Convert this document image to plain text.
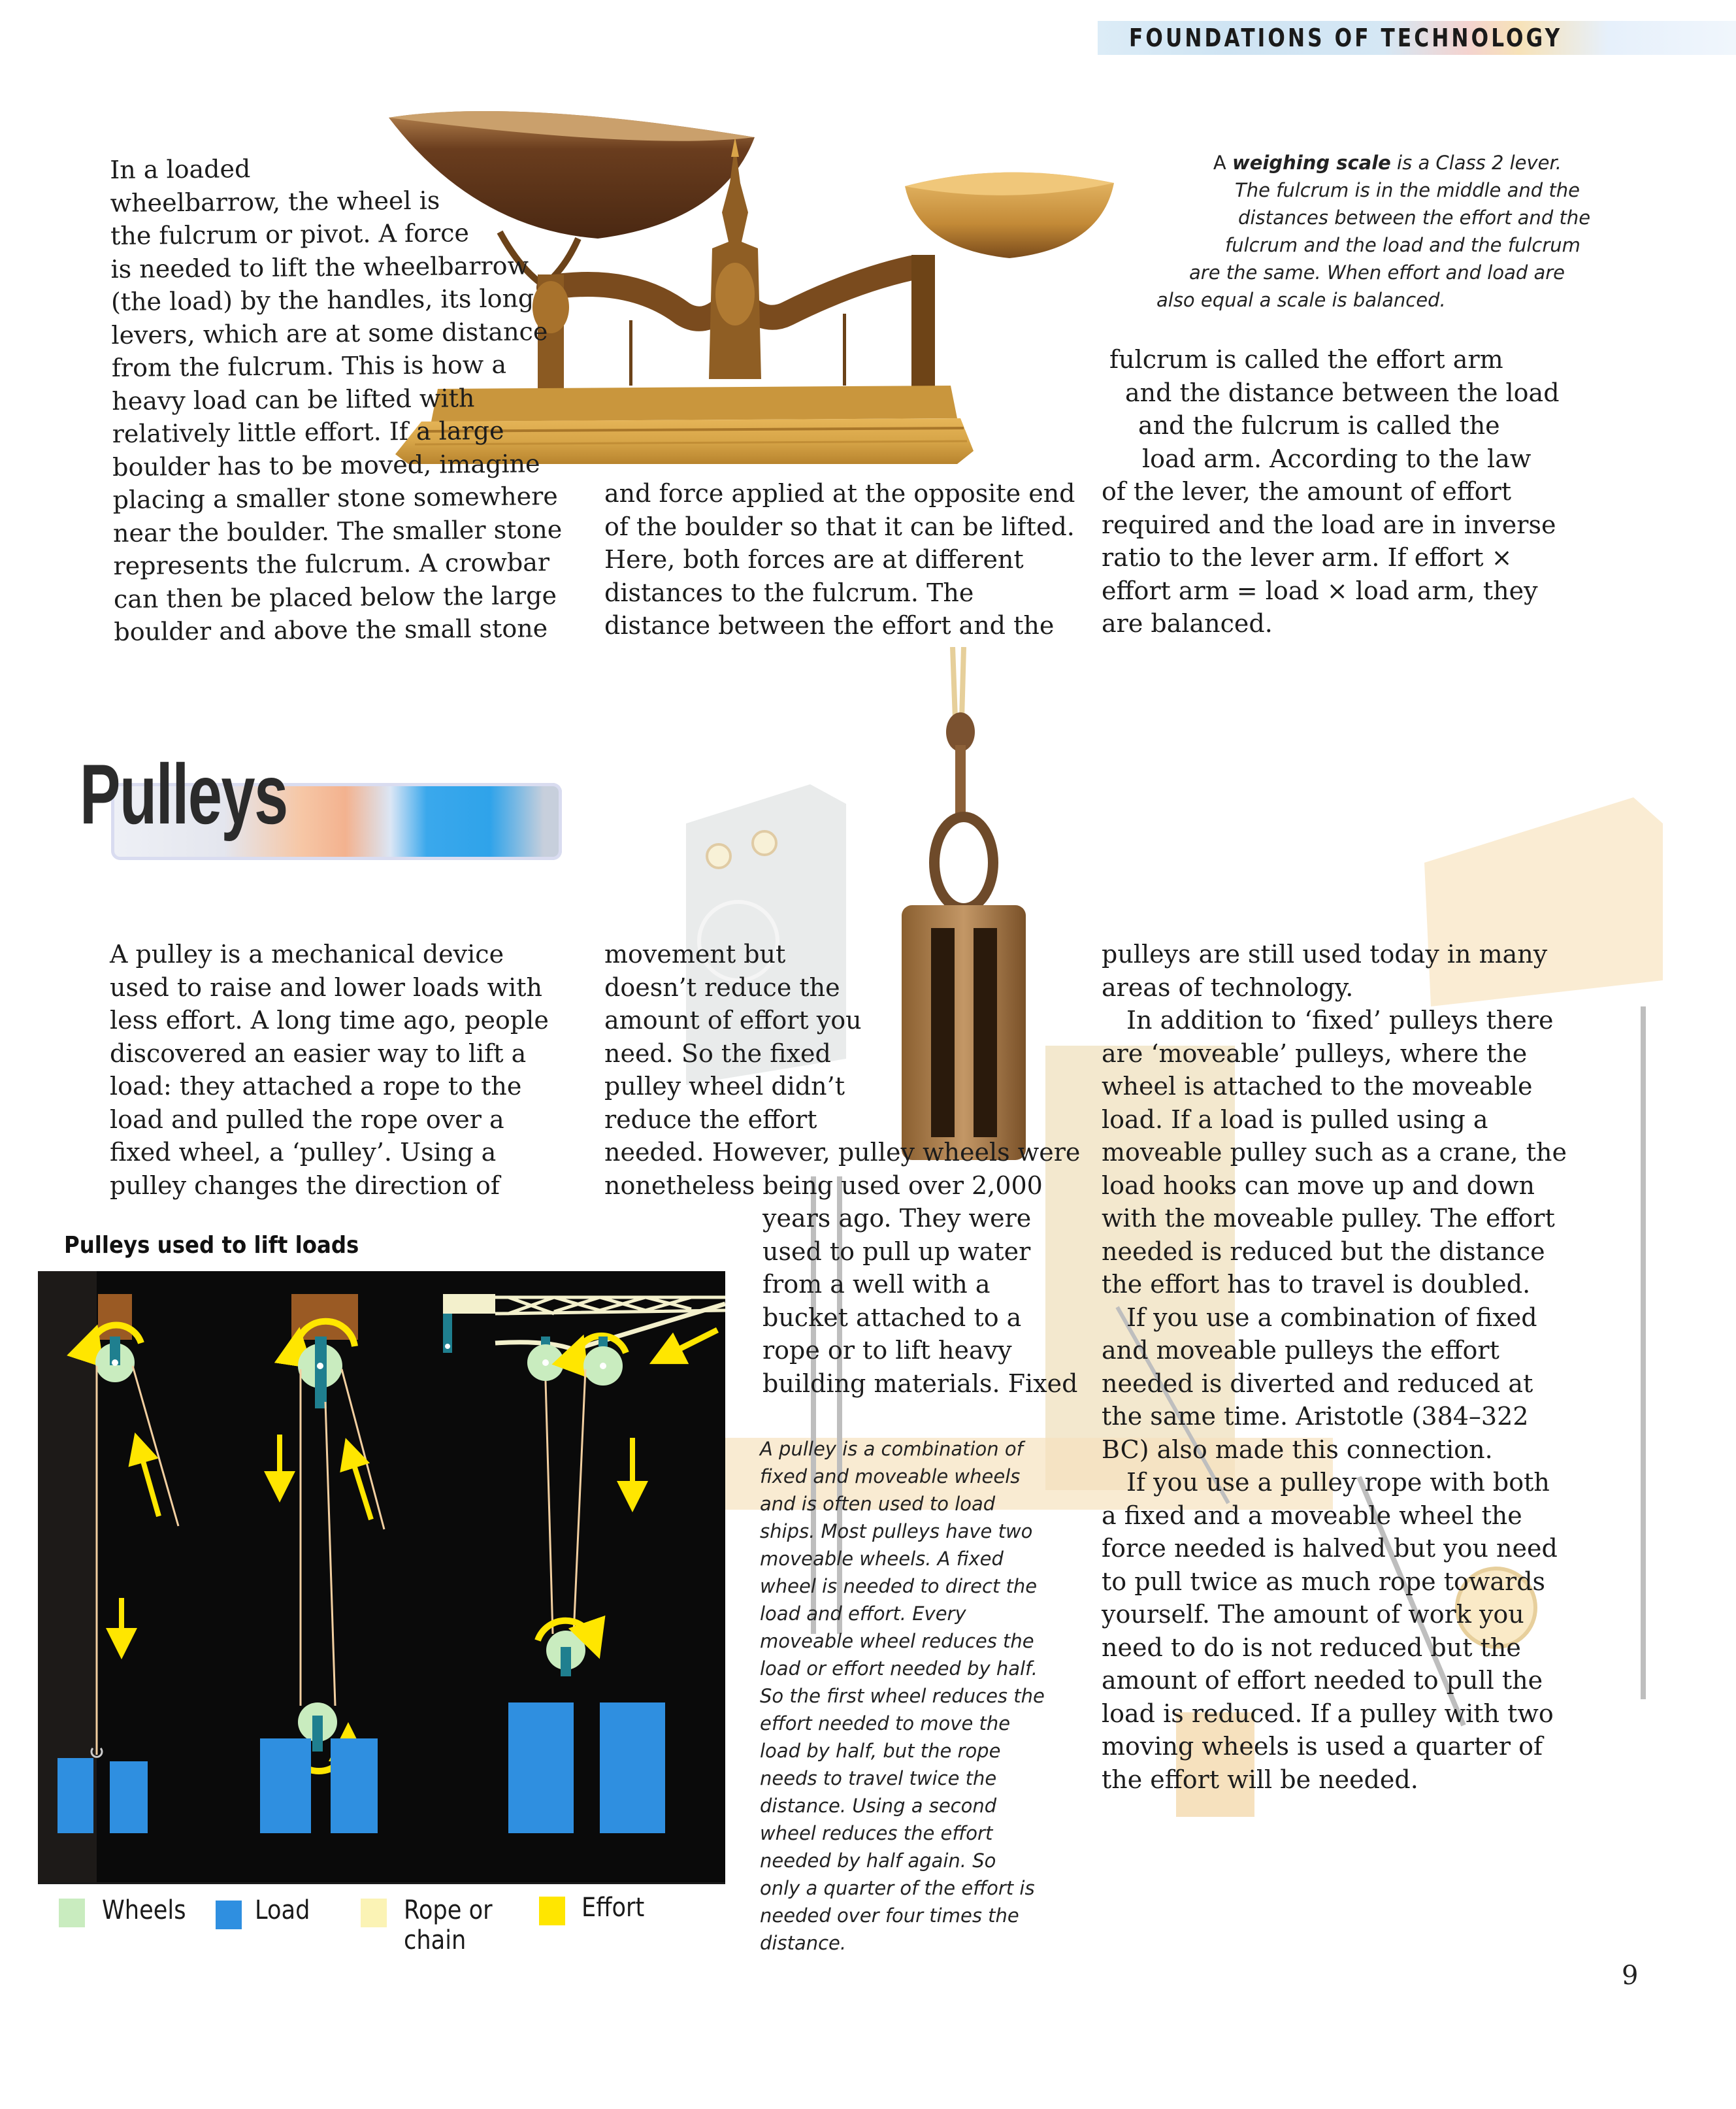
FOUNDATIONS OF TECHNOLOGY
In a loaded
wheelbarrow, the wheel is
the fulcrum or pivot. A force
is needed to lift the wheelbarrow
(the load) by the handles, its long
levers, which are at some distance
from the fulcrum. This is how a
heavy load can be lifted with
relatively little effort. If a large
boulder has to be moved, imagine
placing a smaller stone somewhere
near the boulder. The smaller stone
represents the fulcrum. A crowbar
can then be placed below the large
boulder and above the small stone
and force applied at the opposite end
of the boulder so that it can be lifted.
Here, both forces are at different
distances to the fulcrum. The
distance between the effort and the
fulcrum is called the effort arm
and the distance between the load
and the fulcrum is called the
load arm. According to the law
of the lever, the amount of effort
required and the load are in inverse
ratio to the lever arm. If effort ×
effort arm = load × load arm, they
are balanced.
A weighing scale is a Class 2 lever.
The fulcrum is in the middle and the
distances between the effort and the
fulcrum and the load and the fulcrum
are the same. When effort and load are
also equal a scale is balanced.
Pulleys
A pulley is a mechanical device
used to raise and lower loads with
less effort. A long time ago, people
discovered an easier way to lift a
load: they attached a rope to the
load and pulled the rope over a
fixed wheel, a ‘pulley’. Using a
pulley changes the direction of
movement but
doesn’t reduce the
amount of effort you
need. So the fixed
pulley wheel didn’t
reduce the effort
needed. However, pulley wheels were
nonetheless being used over 2,000
years ago. They were
used to pull up water
from a well with a
bucket attached to a
rope or to lift heavy
building materials. Fixed
pulleys are still used today in many
areas of technology.
 In addition to ‘fixed’ pulleys there
are ‘moveable’ pulleys, where the
wheel is attached to the moveable
load. If a load is pulled using a
moveable pulley such as a crane, the
load hooks can move up and down
with the moveable pulley. The effort
needed is reduced but the distance
the effort has to travel is doubled.
 If you use a combination of fixed
and moveable pulleys the effort
needed is diverted and reduced at
the same time. Aristotle (384–322
BC) also made this connection.
 If you use a pulley rope with both
a fixed and a moveable wheel the
force needed is halved but you need
to pull twice as much rope towards
yourself. The amount of work you
need to do is not reduced but the
amount of effort needed to pull the
load is reduced. If a pulley with two
moving wheels is used a quarter of
the effort will be needed.
A pulley is a combination of
fixed and moveable wheels
and is often used to load
ships. Most pulleys have two
moveable wheels. A fixed
wheel is needed to direct the
load and effort. Every
moveable wheel reduces the
load or effort needed by half.
So the first wheel reduces the
effort needed to move the
load by half, but the rope
needs to travel twice the
distance. Using a second
wheel reduces the effort
needed by half again. So
only a quarter of the effort is
needed over four times the
distance.
Pulleys used to lift loads
Wheels	Load	Rope or
chain
Effort
9
